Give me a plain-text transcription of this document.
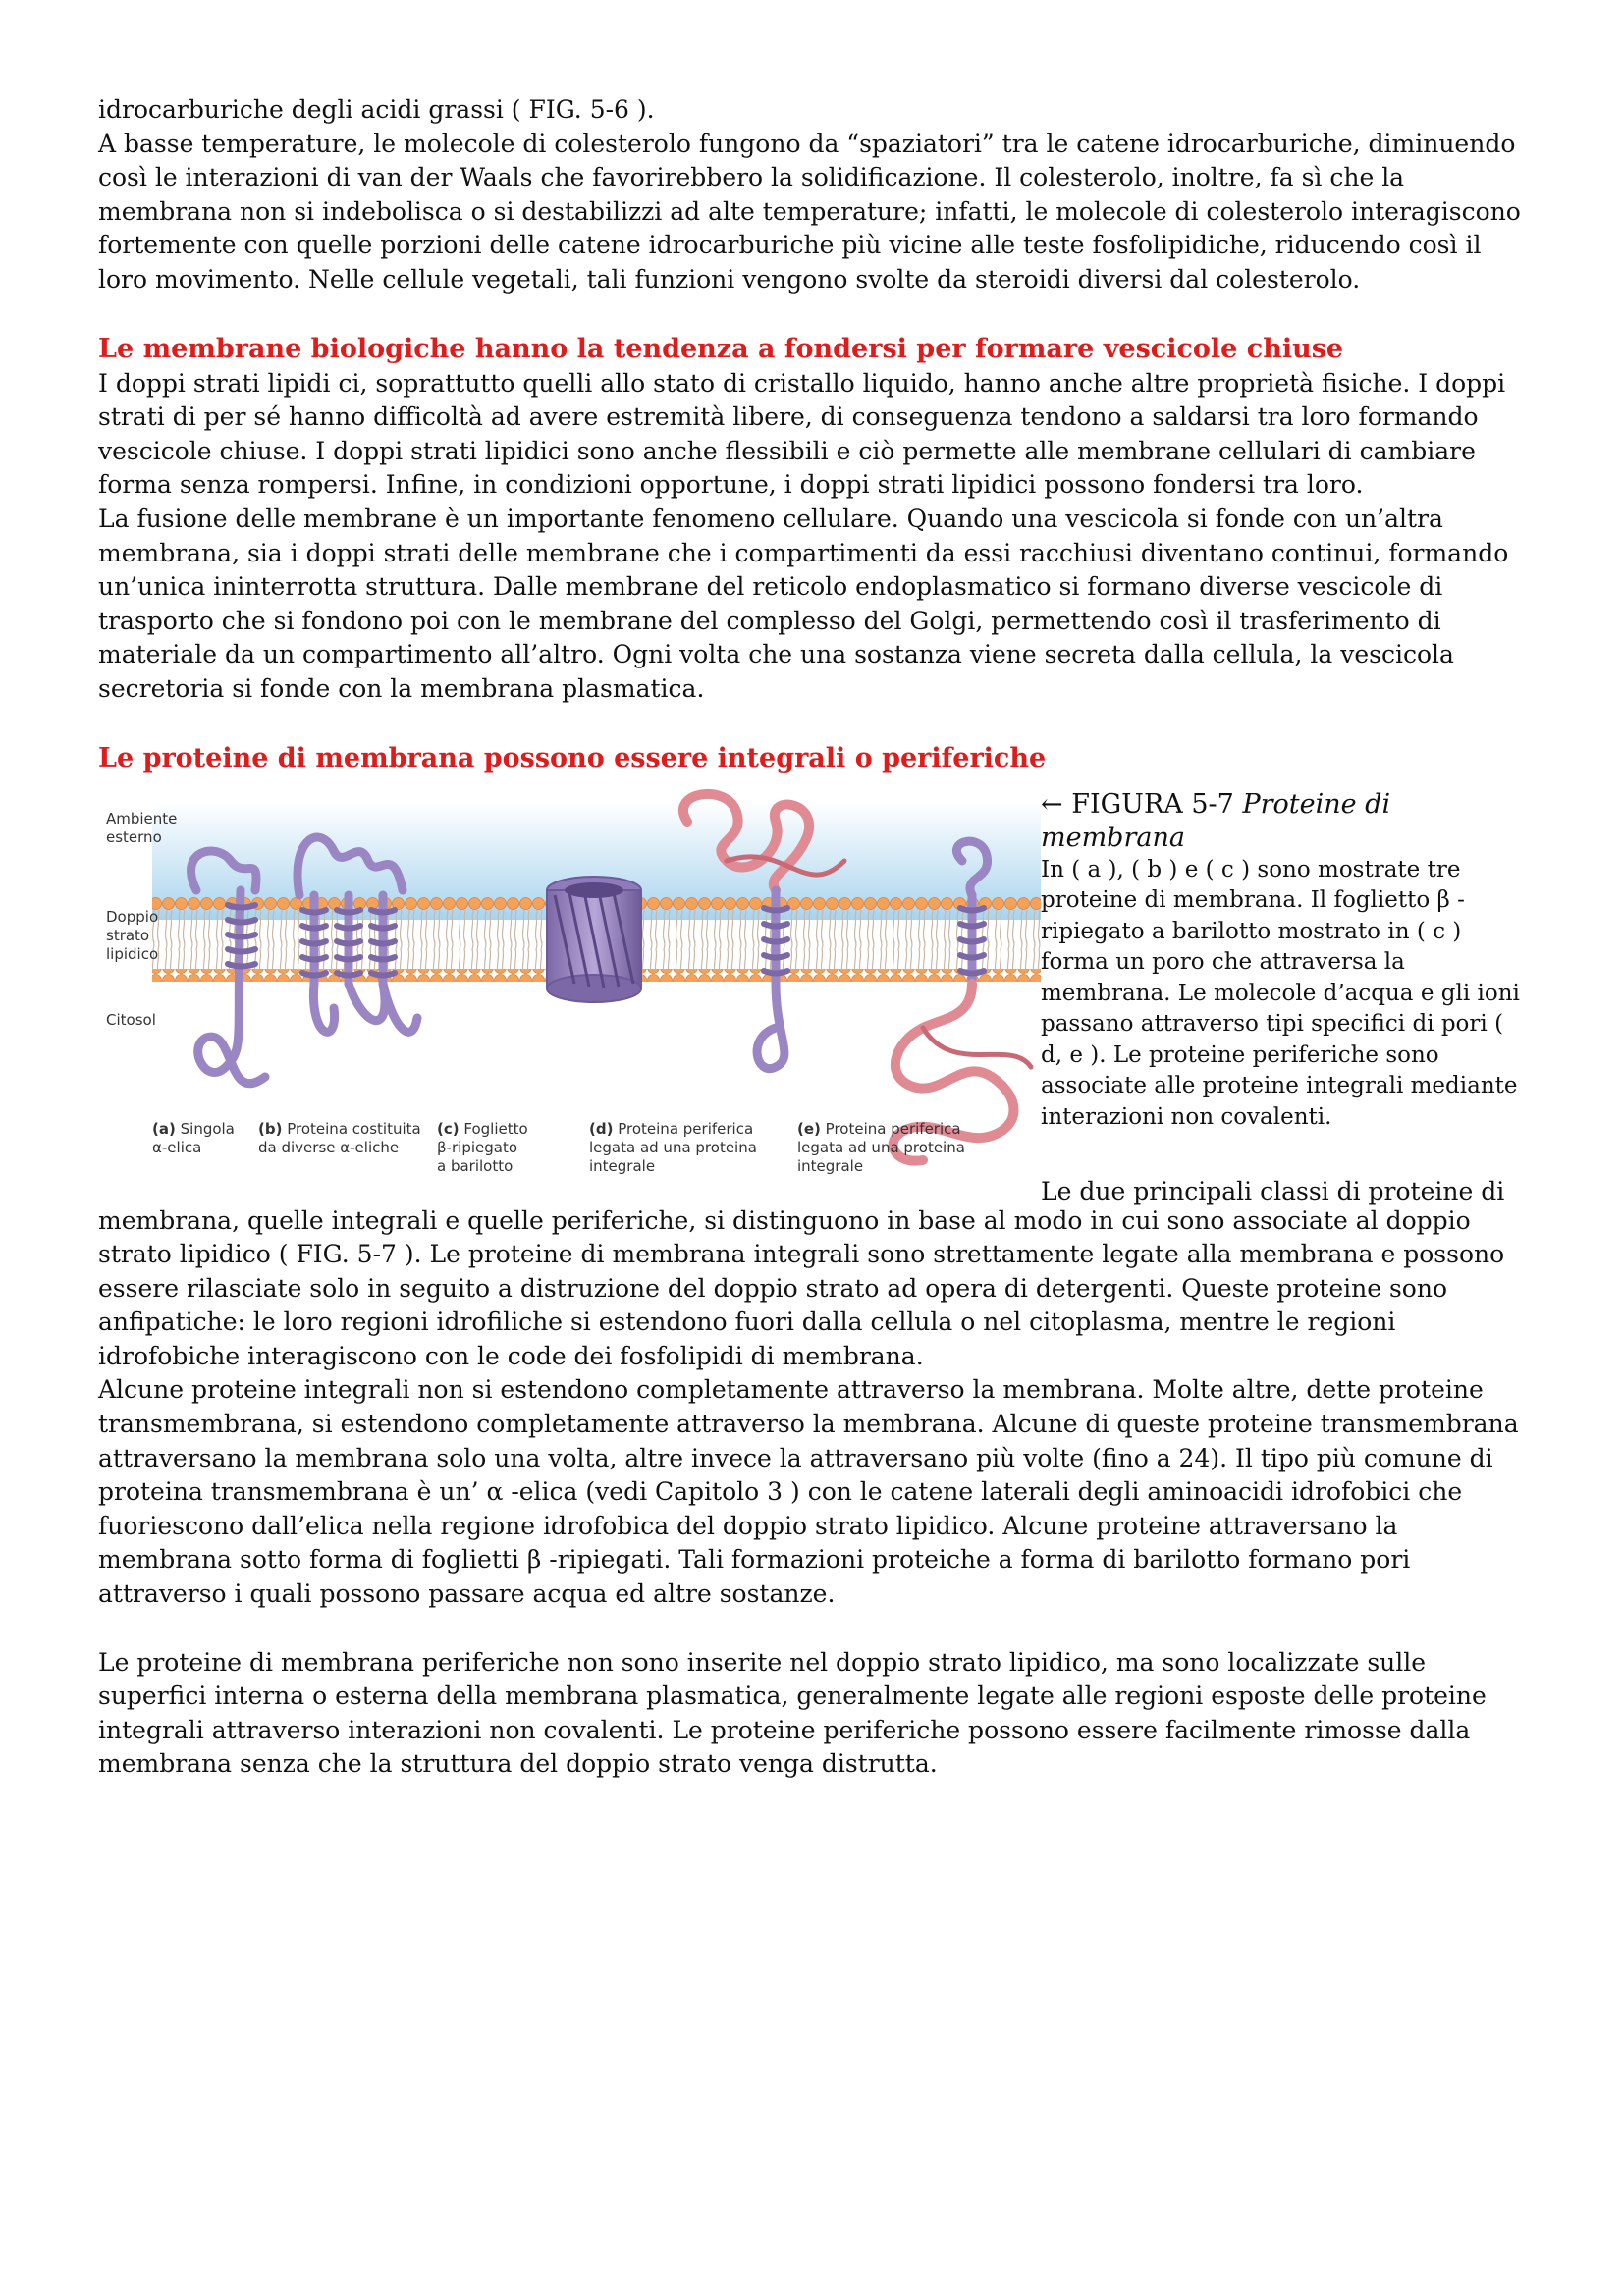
idrocarburiche degli acidi grassi ( FIG. 5-6 ).

A basse temperature, le molecole di colesterolo fungono da “spaziatori” tra le catene idrocarburiche, diminuendo così le interazioni di van der Waals che favorirebbero la solidificazione. Il colesterolo, inoltre, fa sì che la membrana non si indebolisca o si destabilizzi ad alte temperature; infatti, le molecole di colesterolo interagiscono fortemente con quelle porzioni delle catene idrocarburiche più vicine alle teste fosfolipidiche, riducendo così il loro movimento. Nelle cellule vegetali, tali funzioni vengono svolte da steroidi diversi dal colesterolo.

Le membrane biologiche hanno la tendenza a fondersi per formare vescicole chiuse

I doppi strati lipidi ci, soprattutto quelli allo stato di cristallo liquido, hanno anche altre proprietà fisiche. I doppi strati di per sé hanno difficoltà ad avere estremità libere, di conseguenza tendono a saldarsi tra loro formando vescicole chiuse. I doppi strati lipidici sono anche flessibili e ciò permette alle membrane cellulari di cambiare forma senza rompersi. Infine, in condizioni opportune, i doppi strati lipidici possono fondersi tra loro.

La fusione delle membrane è un importante fenomeno cellulare. Quando una vescicola si fonde con un’altra membrana, sia i doppi strati delle membrane che i compartimenti da essi racchiusi diventano continui, formando un’unica ininterrotta struttura. Dalle membrane del reticolo endoplasmatico si formano diverse vescicole di trasporto che si fondono poi con le membrane del complesso del Golgi, permettendo così il trasferimento di materiale da un compartimento all’altro. Ogni volta che una sostanza viene secreta dalla cellula, la vescicola secretoria si fonde con la membrana plasmatica.

Le proteine di membrana possono essere integrali o periferiche
Ambiente
esterno
Doppio
strato
lipidico
Citosol
(a) Singola
α-elica
(b) Proteina costituita
da diverse α-eliche
(c) Foglietto
β-ripiegato
a barilotto
(d) Proteina periferica
legata ad una proteina
integrale
(e) Proteina periferica
legata ad una proteina
integrale
← FIGURA 5-7 Proteine di membrana
In ( a ), ( b ) e ( c ) sono mostrate tre proteine di membrana. Il foglietto β -ripiegato a barilotto mostrato in ( c ) forma un poro che attraversa la membrana. Le molecole d’acqua e gli ioni passano attraverso tipi specifici di pori ( d, e ). Le proteine periferiche sono associate alle proteine integrali mediante interazioni non covalenti.
Le due principali classi di proteine di

membrana, quelle integrali e quelle periferiche, si distinguono in base al modo in cui sono associate al doppio strato lipidico ( FIG. 5-7 ). Le proteine di membrana integrali sono strettamente legate alla membrana e possono essere rilasciate solo in seguito a distruzione del doppio strato ad opera di detergenti. Queste proteine sono anfipatiche: le loro regioni idrofiliche si estendono fuori dalla cellula o nel citoplasma, mentre le regioni idrofobiche interagiscono con le code dei fosfolipidi di membrana.

Alcune proteine integrali non si estendono completamente attraverso la membrana. Molte altre, dette proteine transmembrana, si estendono completamente attraverso la membrana. Alcune di queste proteine transmembrana attraversano la membrana solo una volta, altre invece la attraversano più volte (fino a 24). Il tipo più comune di proteina transmembrana è un’ α -elica (vedi Capitolo 3 ) con le catene laterali degli aminoacidi idrofobici che fuoriescono dall’elica nella regione idrofobica del doppio strato lipidico. Alcune proteine attraversano la membrana sotto forma di foglietti β -ripiegati. Tali formazioni proteiche a forma di barilotto formano pori attraverso i quali possono passare acqua ed altre sostanze.

Le proteine di membrana periferiche non sono inserite nel doppio strato lipidico, ma sono localizzate sulle superfici interna o esterna della membrana plasmatica, generalmente legate alle regioni esposte delle proteine integrali attraverso interazioni non covalenti. Le proteine periferiche possono essere facilmente rimosse dalla membrana senza che la struttura del doppio strato venga distrutta.
